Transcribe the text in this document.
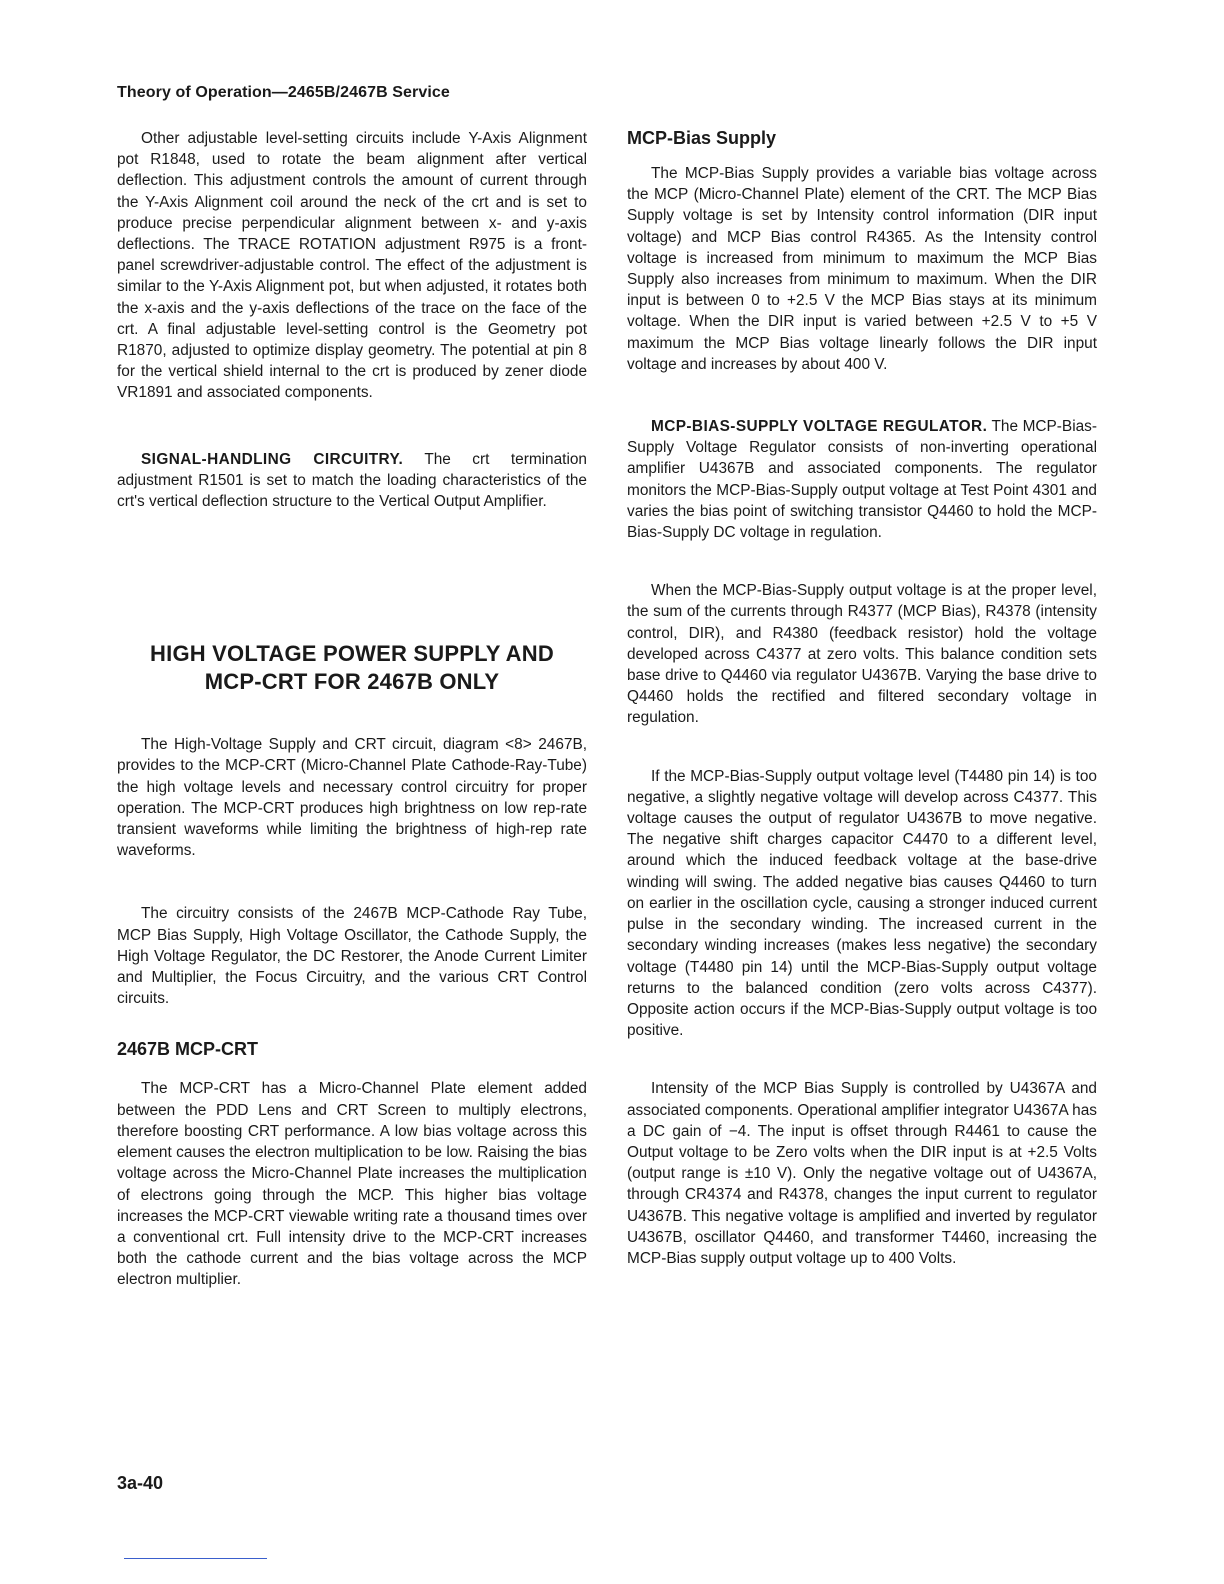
Theory of Operation—2465B/2467B Service

Other adjustable level-setting circuits include Y-Axis Alignment pot R1848, used to rotate the beam alignment after vertical deflection. This adjustment controls the amount of current through the Y-Axis Alignment coil around the neck of the crt and is set to produce precise perpendicular alignment between x- and y-axis deflections. The TRACE ROTATION adjustment R975 is a front-panel screwdriver-adjustable control. The effect of the adjustment is similar to the Y-Axis Alignment pot, but when adjusted, it rotates both the x-axis and the y-axis deflections of the trace on the face of the crt. A final adjustable level-setting control is the Geometry pot R1870, adjusted to optimize display geometry. The potential at pin 8 for the vertical shield internal to the crt is produced by zener diode VR1891 and associated components.

SIGNAL-HANDLING CIRCUITRY. The crt termination adjustment R1501 is set to match the loading characteristics of the crt's vertical deflection structure to the Vertical Output Amplifier.

HIGH VOLTAGE POWER SUPPLY AND
MCP-CRT FOR 2467B ONLY

The High-Voltage Supply and CRT circuit, diagram <8> 2467B, provides to the MCP-CRT (Micro-Channel Plate Cathode-Ray-Tube) the high voltage levels and necessary control circuitry for proper operation. The MCP-CRT produces high brightness on low rep-rate transient waveforms while limiting the brightness of high-rep rate waveforms.

The circuitry consists of the 2467B MCP-Cathode Ray Tube, MCP Bias Supply, High Voltage Oscillator, the Cathode Supply, the High Voltage Regulator, the DC Restorer, the Anode Current Limiter and Multiplier, the Focus Circuitry, and the various CRT Control circuits.

2467B MCP-CRT

The MCP-CRT has a Micro-Channel Plate element added between the PDD Lens and CRT Screen to multiply electrons, therefore boosting CRT performance. A low bias voltage across this element causes the electron multiplication to be low. Raising the bias voltage across the Micro-Channel Plate increases the multiplication of electrons going through the MCP. This higher bias voltage increases the MCP-CRT viewable writing rate a thousand times over a conventional crt. Full intensity drive to the MCP-CRT increases both the cathode current and the bias voltage across the MCP electron multiplier.

MCP-Bias Supply

The MCP-Bias Supply provides a variable bias voltage across the MCP (Micro-Channel Plate) element of the CRT. The MCP Bias Supply voltage is set by Intensity control information (DIR input voltage) and MCP Bias control R4365. As the Intensity control voltage is increased from minimum to maximum the MCP Bias Supply also increases from minimum to maximum. When the DIR input is between 0 to +2.5 V the MCP Bias stays at its minimum voltage. When the DIR input is varied between +2.5 V to +5 V maximum the MCP Bias voltage linearly follows the DIR input voltage and increases by about 400 V.

MCP-BIAS-SUPPLY VOLTAGE REGULATOR. The MCP-Bias-Supply Voltage Regulator consists of non-inverting operational amplifier U4367B and associated components. The regulator monitors the MCP-Bias-Supply output voltage at Test Point 4301 and varies the bias point of switching transistor Q4460 to hold the MCP-Bias-Supply DC voltage in regulation.

When the MCP-Bias-Supply output voltage is at the proper level, the sum of the currents through R4377 (MCP Bias), R4378 (intensity control, DIR), and R4380 (feedback resistor) hold the voltage developed across C4377 at zero volts. This balance condition sets base drive to Q4460 via regulator U4367B. Varying the base drive to Q4460 holds the rectified and filtered secondary voltage in regulation.

If the MCP-Bias-Supply output voltage level (T4480 pin 14) is too negative, a slightly negative voltage will develop across C4377. This voltage causes the output of regulator U4367B to move negative. The negative shift charges capacitor C4470 to a different level, around which the induced feedback voltage at the base-drive winding will swing. The added negative bias causes Q4460 to turn on earlier in the oscillation cycle, causing a stronger induced current pulse in the secondary winding. The increased current in the secondary winding increases (makes less negative) the secondary voltage (T4480 pin 14) until the MCP-Bias-Supply output voltage returns to the balanced condition (zero volts across C4377). Opposite action occurs if the MCP-Bias-Supply output voltage is too positive.

Intensity of the MCP Bias Supply is controlled by U4367A and associated components. Operational amplifier integrator U4367A has a DC gain of −4. The input is offset through R4461 to cause the Output voltage to be Zero volts when the DIR input is at +2.5 Volts (output range is ±10 V). Only the negative voltage out of U4367A, through CR4374 and R4378, changes the input current to regulator U4367B. This negative voltage is amplified and inverted by regulator U4367B, oscillator Q4460, and transformer T4460, increasing the MCP-Bias supply output voltage up to 400 Volts.

3a-40
